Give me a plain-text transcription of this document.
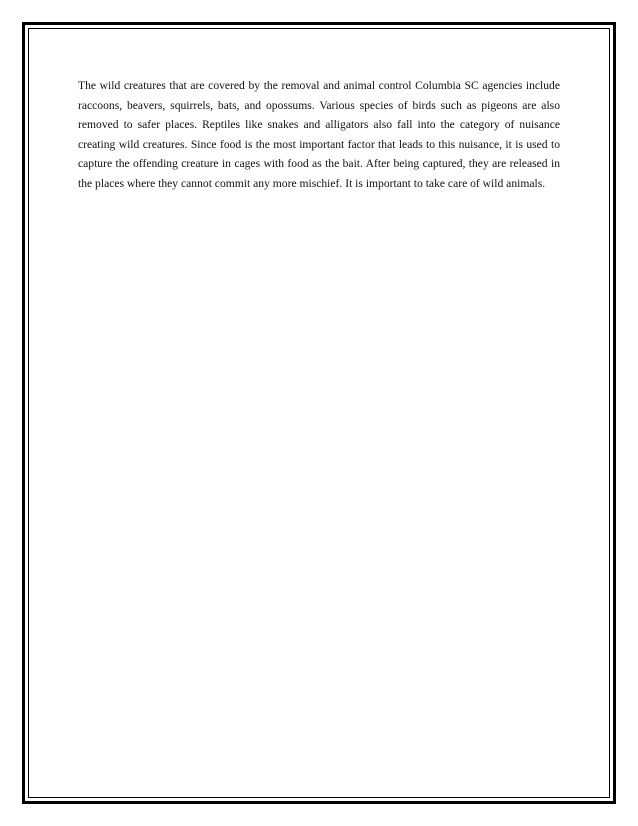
The wild creatures that are covered by the removal and animal control Columbia SC agencies include raccoons, beavers, squirrels, bats, and opossums. Various species of birds such as pigeons are also removed to safer places. Reptiles like snakes and alligators also fall into the category of nuisance creating wild creatures. Since food is the most important factor that leads to this nuisance, it is used to capture the offending creature in cages with food as the bait. After being captured, they are released in the places where they cannot commit any more mischief. It is important to take care of wild animals.
